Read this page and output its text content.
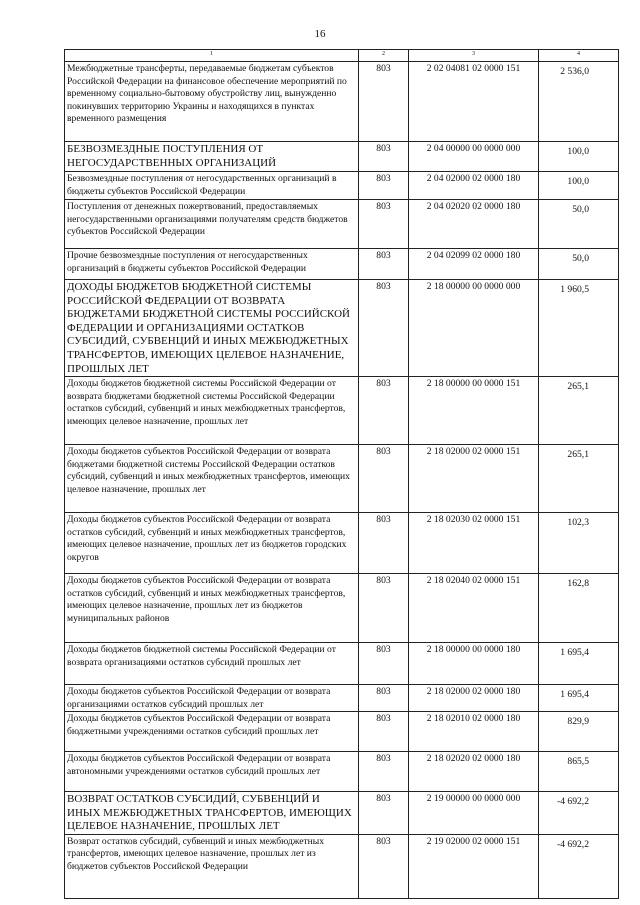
16
1	2	3	4
Межбюджетные трансферты, передаваемые бюджетам субъектов Российской Федерации на финансовое обеспечение мероприятий по временному социально-бытовому обустройству лиц, вынужденно покинувших территорию Украины и находящихся в пунктах временного размещения	803	2 02 04081 02 0000 151	2 536,0
БЕЗВОЗМЕЗДНЫЕ ПОСТУПЛЕНИЯ ОТ НЕГОСУДАРСТВЕННЫХ ОРГАНИЗАЦИЙ	803	2 04 00000 00 0000 000	100,0
Безвозмездные поступления от негосударственных организаций в бюджеты субъектов Российской Федерации	803	2 04 02000 02 0000 180	100,0
Поступления от денежных пожертвований, предоставляемых негосударственными организациями получателям средств бюджетов субъектов Российской Федерации	803	2 04 02020 02 0000 180	50,0
Прочие безвозмездные поступления от негосударственных организаций в бюджеты субъектов Российской Федерации	803	2 04 02099 02 0000 180	50,0
ДОХОДЫ БЮДЖЕТОВ БЮДЖЕТНОЙ СИСТЕМЫ РОССИЙСКОЙ ФЕДЕРАЦИИ ОТ ВОЗВРАТА БЮДЖЕТАМИ БЮДЖЕТНОЙ СИСТЕМЫ РОССИЙСКОЙ ФЕДЕРАЦИИ И ОРГАНИЗАЦИЯМИ ОСТАТКОВ СУБСИДИЙ, СУБВЕНЦИЙ И ИНЫХ МЕЖБЮДЖЕТНЫХ ТРАНСФЕРТОВ, ИМЕЮЩИХ ЦЕЛЕВОЕ НАЗНАЧЕНИЕ, ПРОШЛЫХ ЛЕТ	803	2 18 00000 00 0000 000	1 960,5
Доходы бюджетов бюджетной системы Российской Федерации от возврата бюджетами бюджетной системы Российской Федерации остатков субсидий, субвенций и иных межбюджетных трансфертов, имеющих целевое назначение, прошлых лет	803	2 18 00000 00 0000 151	265,1
Доходы бюджетов субъектов Российской Федерации от возврата бюджетами бюджетной системы Российской Федерации остатков субсидий, субвенций и иных межбюджетных трансфертов, имеющих целевое назначение, прошлых лет	803	2 18 02000 02 0000 151	265,1
Доходы бюджетов субъектов Российской Федерации от возврата остатков субсидий, субвенций и иных межбюджетных трансфертов, имеющих целевое назначение, прошлых лет из бюджетов городских округов	803	2 18 02030 02 0000 151	102,3
Доходы бюджетов субъектов Российской Федерации от возврата остатков субсидий, субвенций и иных межбюджетных трансфертов, имеющих целевое назначение, прошлых лет из бюджетов муниципальных районов	803	2 18 02040 02 0000 151	162,8
Доходы бюджетов бюджетной системы Российской Федерации от возврата организациями остатков субсидий прошлых лет	803	2 18 00000 00 0000 180	1 695,4
Доходы бюджетов субъектов Российской Федерации от возврата организациями остатков субсидий прошлых лет	803	2 18 02000 02 0000 180	1 695,4
Доходы бюджетов субъектов Российской Федерации от возврата бюджетными учреждениями остатков субсидий прошлых лет	803	2 18 02010 02 0000 180	829,9
Доходы бюджетов субъектов Российской Федерации от возврата автономными учреждениями остатков субсидий прошлых лет	803	2 18 02020 02 0000 180	865,5
ВОЗВРАТ ОСТАТКОВ СУБСИДИЙ, СУБВЕНЦИЙ И ИНЫХ МЕЖБЮДЖЕТНЫХ ТРАНСФЕРТОВ, ИМЕЮЩИХ ЦЕЛЕВОЕ НАЗНАЧЕНИЕ, ПРОШЛЫХ ЛЕТ	803	2 19 00000 00 0000 000	-4 692,2
Возврат остатков субсидий, субвенций и иных межбюджетных трансфертов, имеющих целевое назначение, прошлых лет из бюджетов субъектов Российской Федерации	803	2 19 02000 02 0000 151	-4 692,2
